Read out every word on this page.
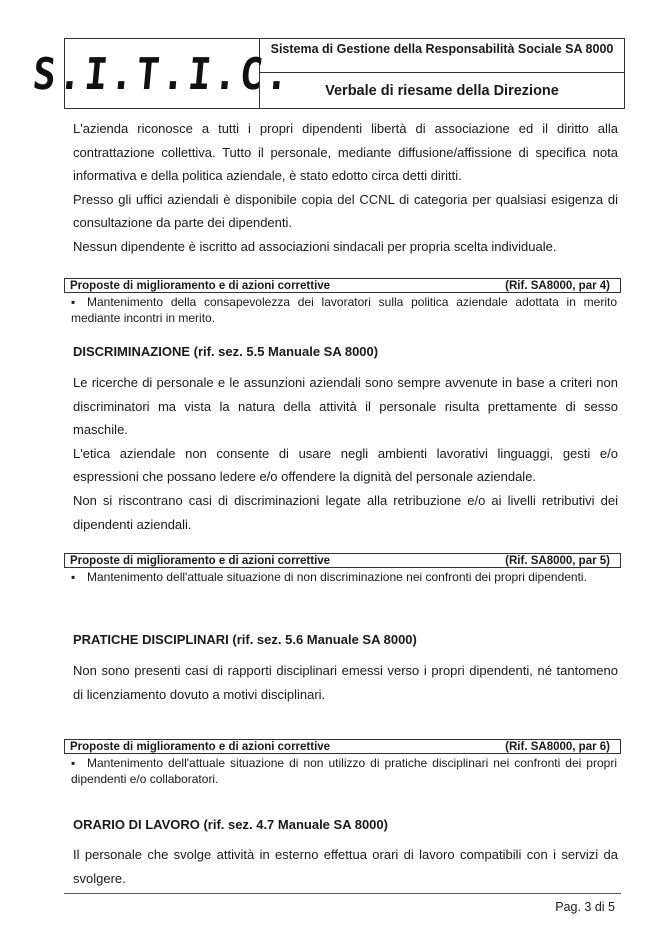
S.I.T.I.C.
Sistema di Gestione della Responsabilità Sociale SA 8000
Verbale di riesame della Direzione

L'azienda riconosce a tutti i propri dipendenti libertà di associazione ed il diritto alla contrattazione collettiva. Tutto il personale, mediante diffusione/affissione di specifica nota informativa e della politica aziendale, è stato edotto circa detti diritti.

Presso gli uffici aziendali è disponibile copia del CCNL di categoria per qualsiasi esigenza di consultazione da parte dei dipendenti.

Nessun dipendente è iscritto ad associazioni sindacali per propria scelta individuale.

Proposte di miglioramento e di azioni correttive	(Rif. SA8000, par 4)

▪ Mantenimento della consapevolezza dei lavoratori sulla politica aziendale adottata in merito mediante incontri in merito.

DISCRIMINAZIONE (rif. sez. 5.5 Manuale SA 8000)

Le ricerche di personale e le assunzioni aziendali sono sempre avvenute in base a criteri non discriminatori ma vista la natura della attività il personale risulta prettamente di sesso maschile.

L'etica aziendale non consente di usare negli ambienti lavorativi linguaggi, gesti e/o espressioni che possano ledere e/o offendere la dignità del personale aziendale.

Non si riscontrano casi di discriminazioni legate alla retribuzione e/o ai livelli retributivi dei dipendenti aziendali.

Proposte di miglioramento e di azioni correttive	(Rif. SA8000, par 5)

▪ Mantenimento dell'attuale situazione di non discriminazione nei confronti dei propri dipendenti.

PRATICHE DISCIPLINARI (rif. sez. 5.6 Manuale SA 8000)

Non sono presenti casi di rapporti disciplinari emessi verso i propri dipendenti, né tantomeno di licenziamento dovuto a motivi disciplinari.

Proposte di miglioramento e di azioni correttive	(Rif. SA8000, par 6)

▪ Mantenimento dell'attuale situazione di non utilizzo di pratiche disciplinari nei confronti dei propri dipendenti e/o collaboratori.

ORARIO DI LAVORO (rif. sez. 4.7 Manuale SA 8000)

Il personale che svolge attività in esterno effettua orari di lavoro compatibili con i servizi da svolgere.

Pag. 3 di 5
